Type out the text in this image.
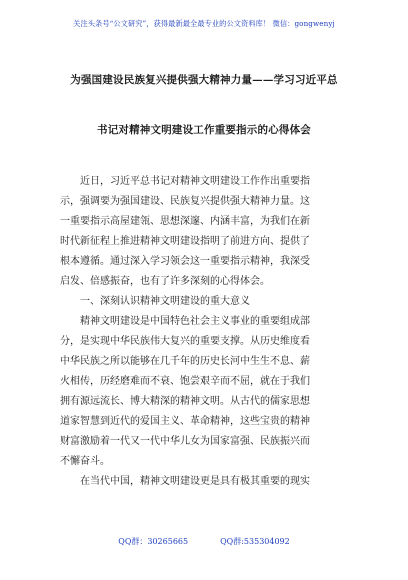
关注头条号“公文研究”，获得最新最全最专业的公文资料库！ 微信：gongwenyj
为强国建设民族复兴提供强大精神力量——学习习近平总
书记对精神文明建设工作重要指示的心得体会
近日，习近平总书记对精神文明建设工作作出重要指
示，强调要为强国建设、民族复兴提供强大精神力量。这
一重要指示高屋建瓴、思想深邃、内涵丰富，为我们在新
时代新征程上推进精神文明建设指明了前进方向、提供了
根本遵循。通过深入学习领会这一重要指示精神，我深受
启发、倍感振奋，也有了许多深刻的心得体会。
一、深刻认识精神文明建设的重大意义
精神文明建设是中国特色社会主义事业的重要组成部
分，是实现中华民族伟大复兴的重要支撑。从历史维度看
中华民族之所以能够在几千年的历史长河中生生不息、薪
火相传，历经磨难而不衰、饱尝艰辛而不屈，就在于我们
拥有源远流长、博大精深的精神文明。从古代的儒家思想
道家智慧到近代的爱国主义、革命精神，这些宝贵的精神
财富激励着一代又一代中华儿女为国家富强、民族振兴而
不懈奋斗。
在当代中国，精神文明建设更是具有极其重要的现实
QQ群：30265665	QQ群:535304092
